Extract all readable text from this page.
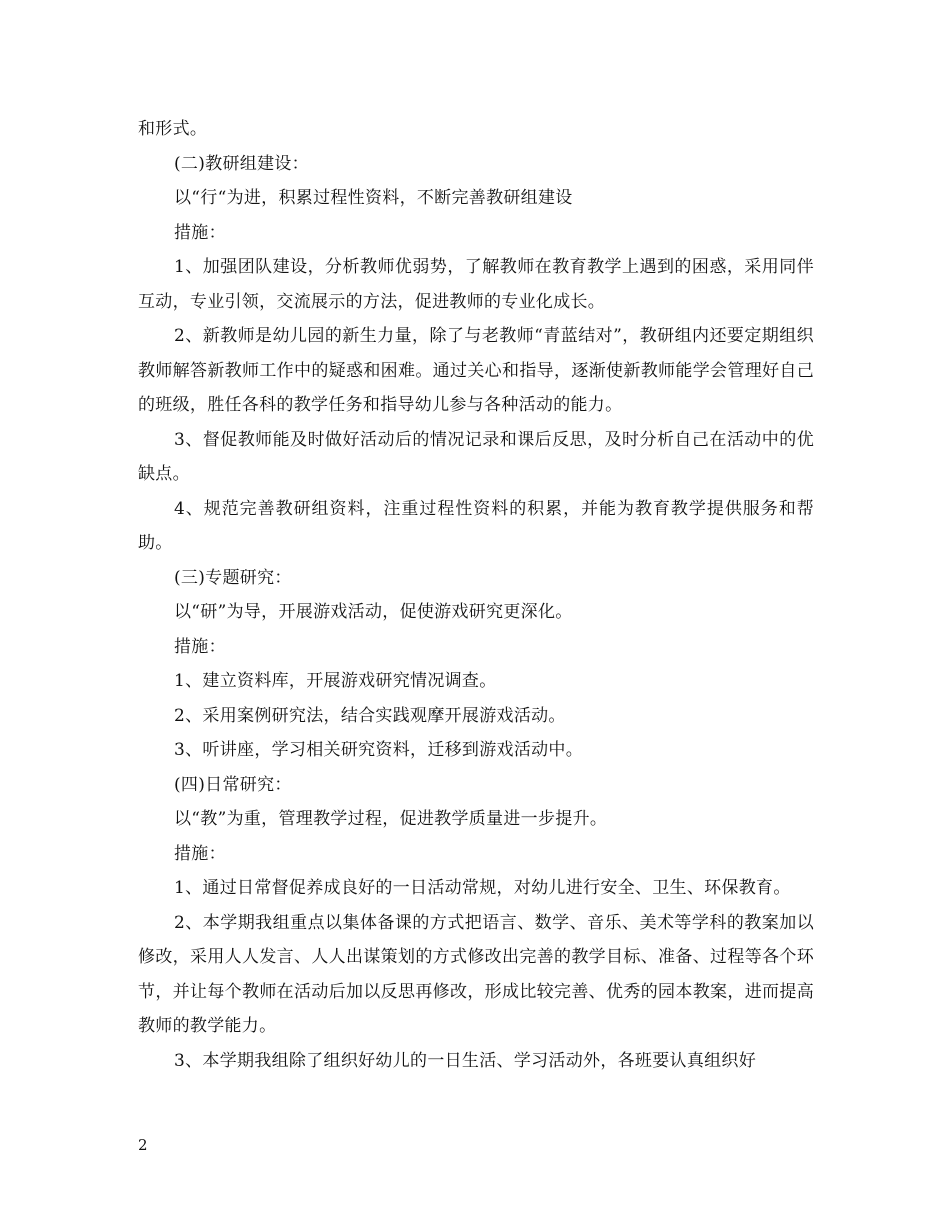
和形式。

(二)教研组建设：

以“行“为进，积累过程性资料，不断完善教研组建设

措施：

1、加强团队建设，分析教师优弱势，了解教师在教育教学上遇到的困惑，采用同伴互动，专业引领，交流展示的方法，促进教师的专业化成长。

2、新教师是幼儿园的新生力量，除了与老教师“青蓝结对”，教研组内还要定期组织教师解答新教师工作中的疑惑和困难。通过关心和指导，逐渐使新教师能学会管理好自己的班级，胜任各科的教学任务和指导幼儿参与各种活动的能力。

3、督促教师能及时做好活动后的情况记录和课后反思，及时分析自己在活动中的优缺点。

4、规范完善教研组资料，注重过程性资料的积累，并能为教育教学提供服务和帮助。

(三)专题研究：

以“研”为导，开展游戏活动，促使游戏研究更深化。

措施：

1、建立资料库，开展游戏研究情况调查。

2、采用案例研究法，结合实践观摩开展游戏活动。

3、听讲座，学习相关研究资料，迁移到游戏活动中。

(四)日常研究：

以“教”为重，管理教学过程，促进教学质量进一步提升。

措施：

1、通过日常督促养成良好的一日活动常规，对幼儿进行安全、卫生、环保教育。

2、本学期我组重点以集体备课的方式把语言、数学、音乐、美术等学科的教案加以修改，采用人人发言、人人出谋策划的方式修改出完善的教学目标、准备、过程等各个环节，并让每个教师在活动后加以反思再修改，形成比较完善、优秀的园本教案，进而提高教师的教学能力。

3、本学期我组除了组织好幼儿的一日生活、学习活动外，各班要认真组织好

2
